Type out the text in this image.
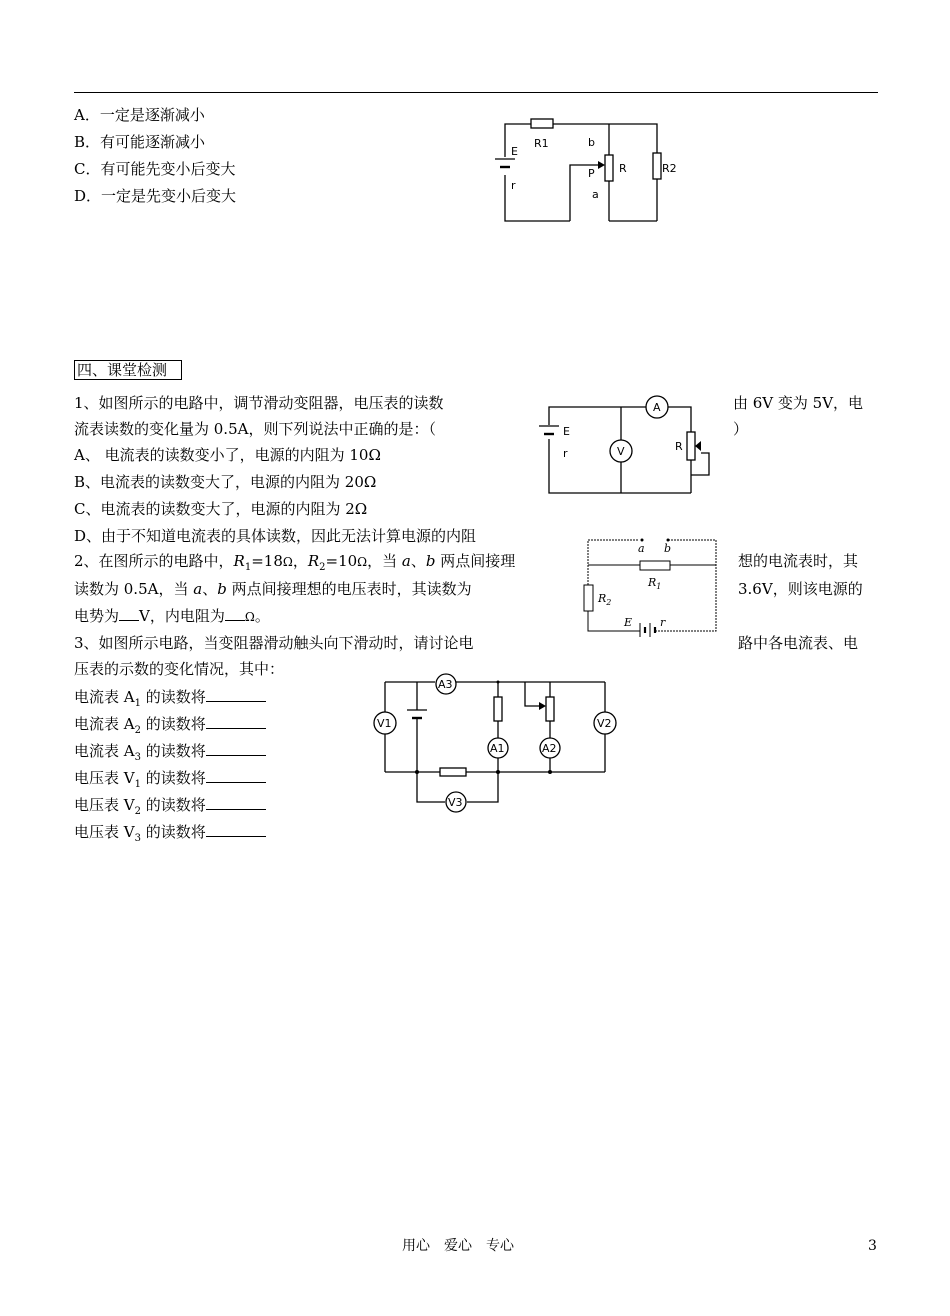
A．一定是逐渐减小
B．有可能逐渐减小
C．有可能先变小后变大
D．一定是先变小后变大
E
r
R1	b
P R
a
R2
四、课堂检测
1、如图所示的电路中，调节滑动变阻器，电压表的读数	由 6V 变为 5V，电
流表读数的变化量为 0.5A，则下列说法中正确的是：（	）
A、 电流表的读数变小了，电源的内阻为 10Ω
B、电流表的读数变大了，电源的内阻为 20Ω
C、电流表的读数变大了，电源的内阻为 2Ω
D、由于不知道电流表的具体读数，因此无法计算电源的内阻
E
r
A
V	R
2、在图所示的电路中，$R_1=18\Omega$，$R_2=10\Omega$，当 a、b 两点间接理	想的电流表时，其
读数为 0.5A，当 a、b 两点间接理想的电压表时，其读数为	3.6V，则该电源的
电势为 V，内电阻为 Ω。
a b
$R_1$
$R_2$
E	r
3、如图所示电路，当变阻器滑动触头向下滑动时，请讨论电	路中各电流表、电
压表的示数的变化情况，其中：
电流表 $A_1$ 的读数将
电流表 $A_2$ 的读数将
电流表 $A_3$ 的读数将
电压表 $V_1$ 的读数将
电压表 $V_2$ 的读数将
电压表 $V_3$ 的读数将
A3
A1	A2
V1	V2
V3
用心　爱心　专心	3
